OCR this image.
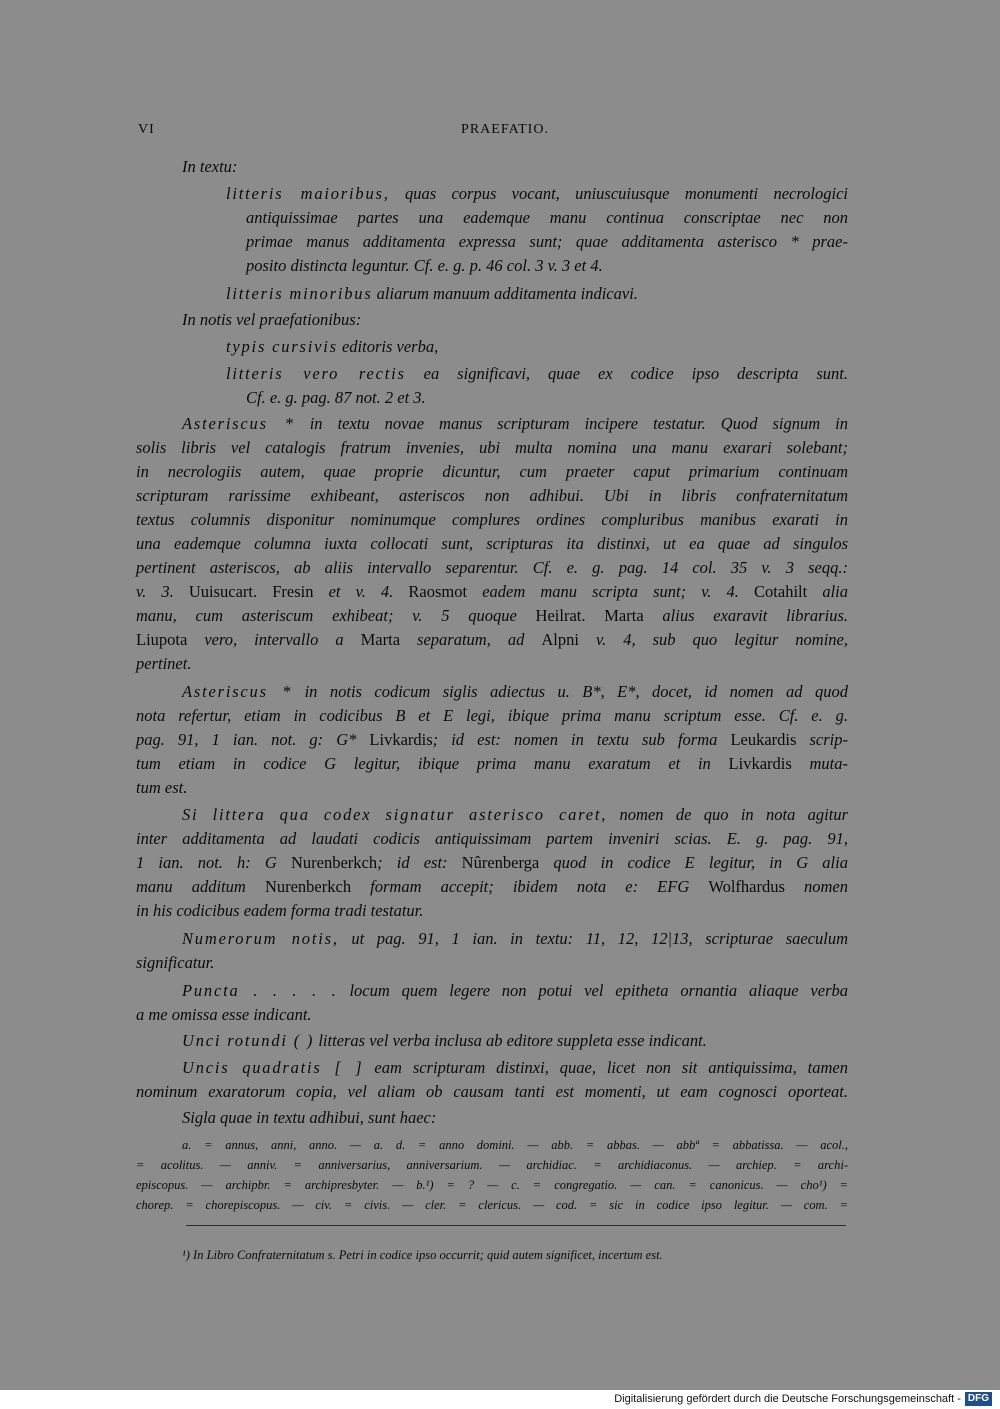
VI	PRAEFATIO.
In textu:
litteris maioribus, quas corpus vocant, uniuscuiusque monumenti necrologici
antiquissimae partes una eademque manu continua conscriptae nec non
primae manus additamenta expressa sunt; quae additamenta asterisco * prae-
posito distincta leguntur. Cf. e. g. p. 46 col. 3 v. 3 et 4.
litteris minoribus aliarum manuum additamenta indicavi.
In notis vel praefationibus:
typis cursivis editoris verba,
litteris vero rectis ea significavi, quae ex codice ipso descripta sunt.
Cf. e. g. pag. 87 not. 2 et 3.
Asteriscus * in textu novae manus scripturam incipere testatur. Quod signum in
solis libris vel catalogis fratrum invenies, ubi multa nomina una manu exarari solebant;
in necrologiis autem, quae proprie dicuntur, cum praeter caput primarium continuam
scripturam rarissime exhibeant, asteriscos non adhibui. Ubi in libris confraternitatum
textus columnis disponitur nominumque complures ordines compluribus manibus exarati in
una eademque columna iuxta collocati sunt, scripturas ita distinxi, ut ea quae ad singulos
pertinent asteriscos, ab aliis intervallo separentur. Cf. e. g. pag. 14 col. 35 v. 3 seqq.:
v. 3. Uuisucart. Fresin et v. 4. Raosmot eadem manu scripta sunt; v. 4. Cotahilt alia
manu, cum asteriscum exhibeat; v. 5 quoque Heilrat. Marta alius exaravit librarius.
Liupota vero, intervallo a Marta separatum, ad Alpni v. 4, sub quo legitur nomine,
pertinet.
Asteriscus * in notis codicum siglis adiectus u. B*, E*, docet, id nomen ad quod
nota refertur, etiam in codicibus B et E legi, ibique prima manu scriptum esse. Cf. e. g.
pag. 91, 1 ian. not. g: G* Livkardis; id est: nomen in textu sub forma Leukardis scrip-
tum etiam in codice G legitur, ibique prima manu exaratum et in Livkardis muta-
tum est.
Si littera qua codex signatur asterisco caret, nomen de quo in nota agitur
inter additamenta ad laudati codicis antiquissimam partem inveniri scias. E. g. pag. 91,
1 ian. not. h: G Nurenberkch; id est: Nûrenberga quod in codice E legitur, in G alia
manu additum Nurenberkch formam accepit; ibidem nota e: EFG Wolfhardus nomen
in his codicibus eadem forma tradi testatur.
Numerorum notis, ut pag. 91, 1 ian. in textu: 11, 12, 12|13, scripturae saeculum
significatur.
Puncta . . . . . locum quem legere non potui vel epitheta ornantia aliaque verba
a me omissa esse indicant.
Unci rotundi ( ) litteras vel verba inclusa ab editore suppleta esse indicant.
Uncis quadratis [ ] eam scripturam distinxi, quae, licet non sit antiquissima, tamen
nominum exaratorum copia, vel aliam ob causam tanti est momenti, ut eam cognosci oporteat.
Sigla quae in textu adhibui, sunt haec:
a. = annus, anni, anno. — a. d. = anno domini. — abb. = abbas. — abbª = abbatissa. — acol.,
= acolitus. — anniv. = anniversarius, anniversarium. — archidiac. = archidiaconus. — archiep. = archi-
episcopus. — archipbr. = archipresbyter. — b.¹) = ? — c. = congregatio. — can. = canonicus. — cho¹) =
chorep. = chorepiscopus. — civ. = civis. — cler. = clericus. — cod. = sic in codice ipso legitur. — com. =
¹) In Libro Confraternitatum s. Petri in codice ipso occurrit; quid autem significet, incertum est.
Digitalisierung gefördert durch die Deutsche Forschungsgemeinschaft - DFG
